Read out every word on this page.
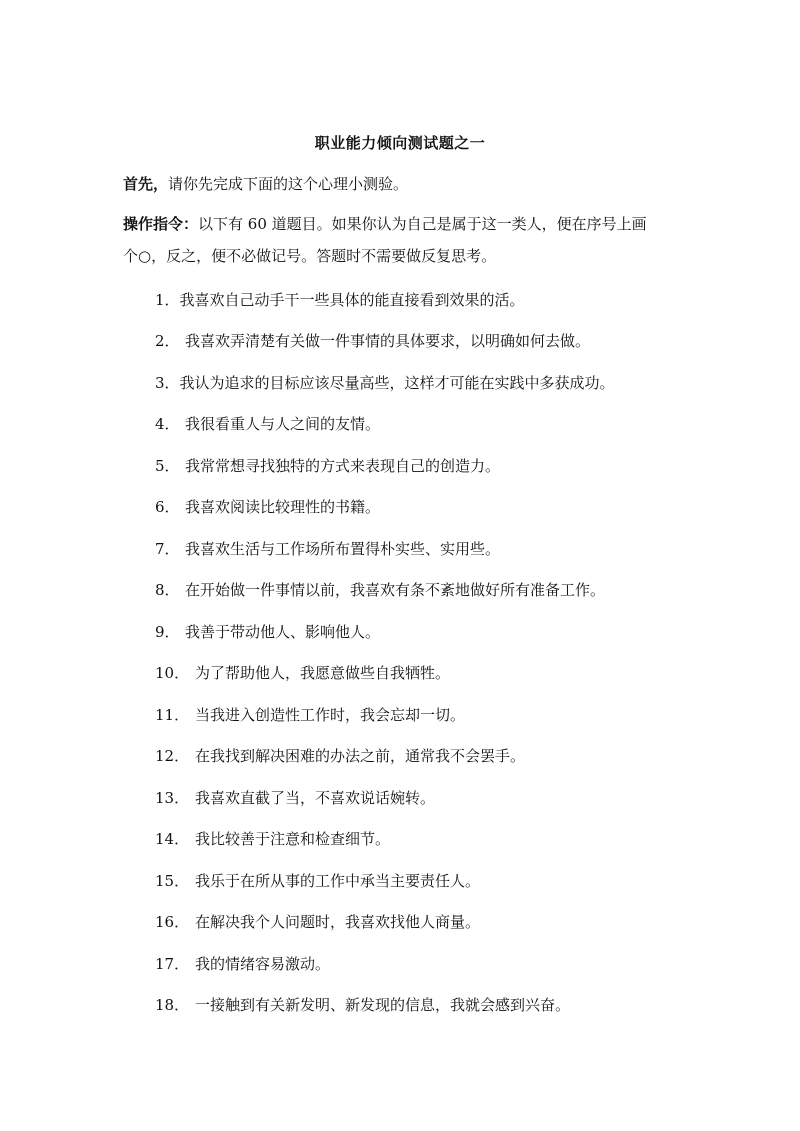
职业能力倾向测试题之一
首先，请你先完成下面的这个心理小测验。
操作指令：以下有 60 道题目。如果你认为自己是属于这一类人，便在序号上画
个○，反之，便不必做记号。答题时不需要做反复思考。
1．我喜欢自己动手干一些具体的能直接看到效果的活。
2． 我喜欢弄清楚有关做一件事情的具体要求，以明确如何去做。
3．我认为追求的目标应该尽量高些，这样才可能在实践中多获成功。
4． 我很看重人与人之间的友情。
5． 我常常想寻找独特的方式来表现自己的创造力。
6． 我喜欢阅读比较理性的书籍。
7． 我喜欢生活与工作场所布置得朴实些、实用些。
8． 在开始做一件事情以前，我喜欢有条不紊地做好所有准备工作。
9． 我善于带动他人、影响他人。
10． 为了帮助他人，我愿意做些自我牺牲。
11． 当我进入创造性工作时，我会忘却一切。
12． 在我找到解决困难的办法之前，通常我不会罢手。
13． 我喜欢直截了当，不喜欢说话婉转。
14． 我比较善于注意和检查细节。
15． 我乐于在所从事的工作中承当主要责任人。
16． 在解决我个人问题时，我喜欢找他人商量。
17． 我的情绪容易激动。
18． 一接触到有关新发明、新发现的信息，我就会感到兴奋。
